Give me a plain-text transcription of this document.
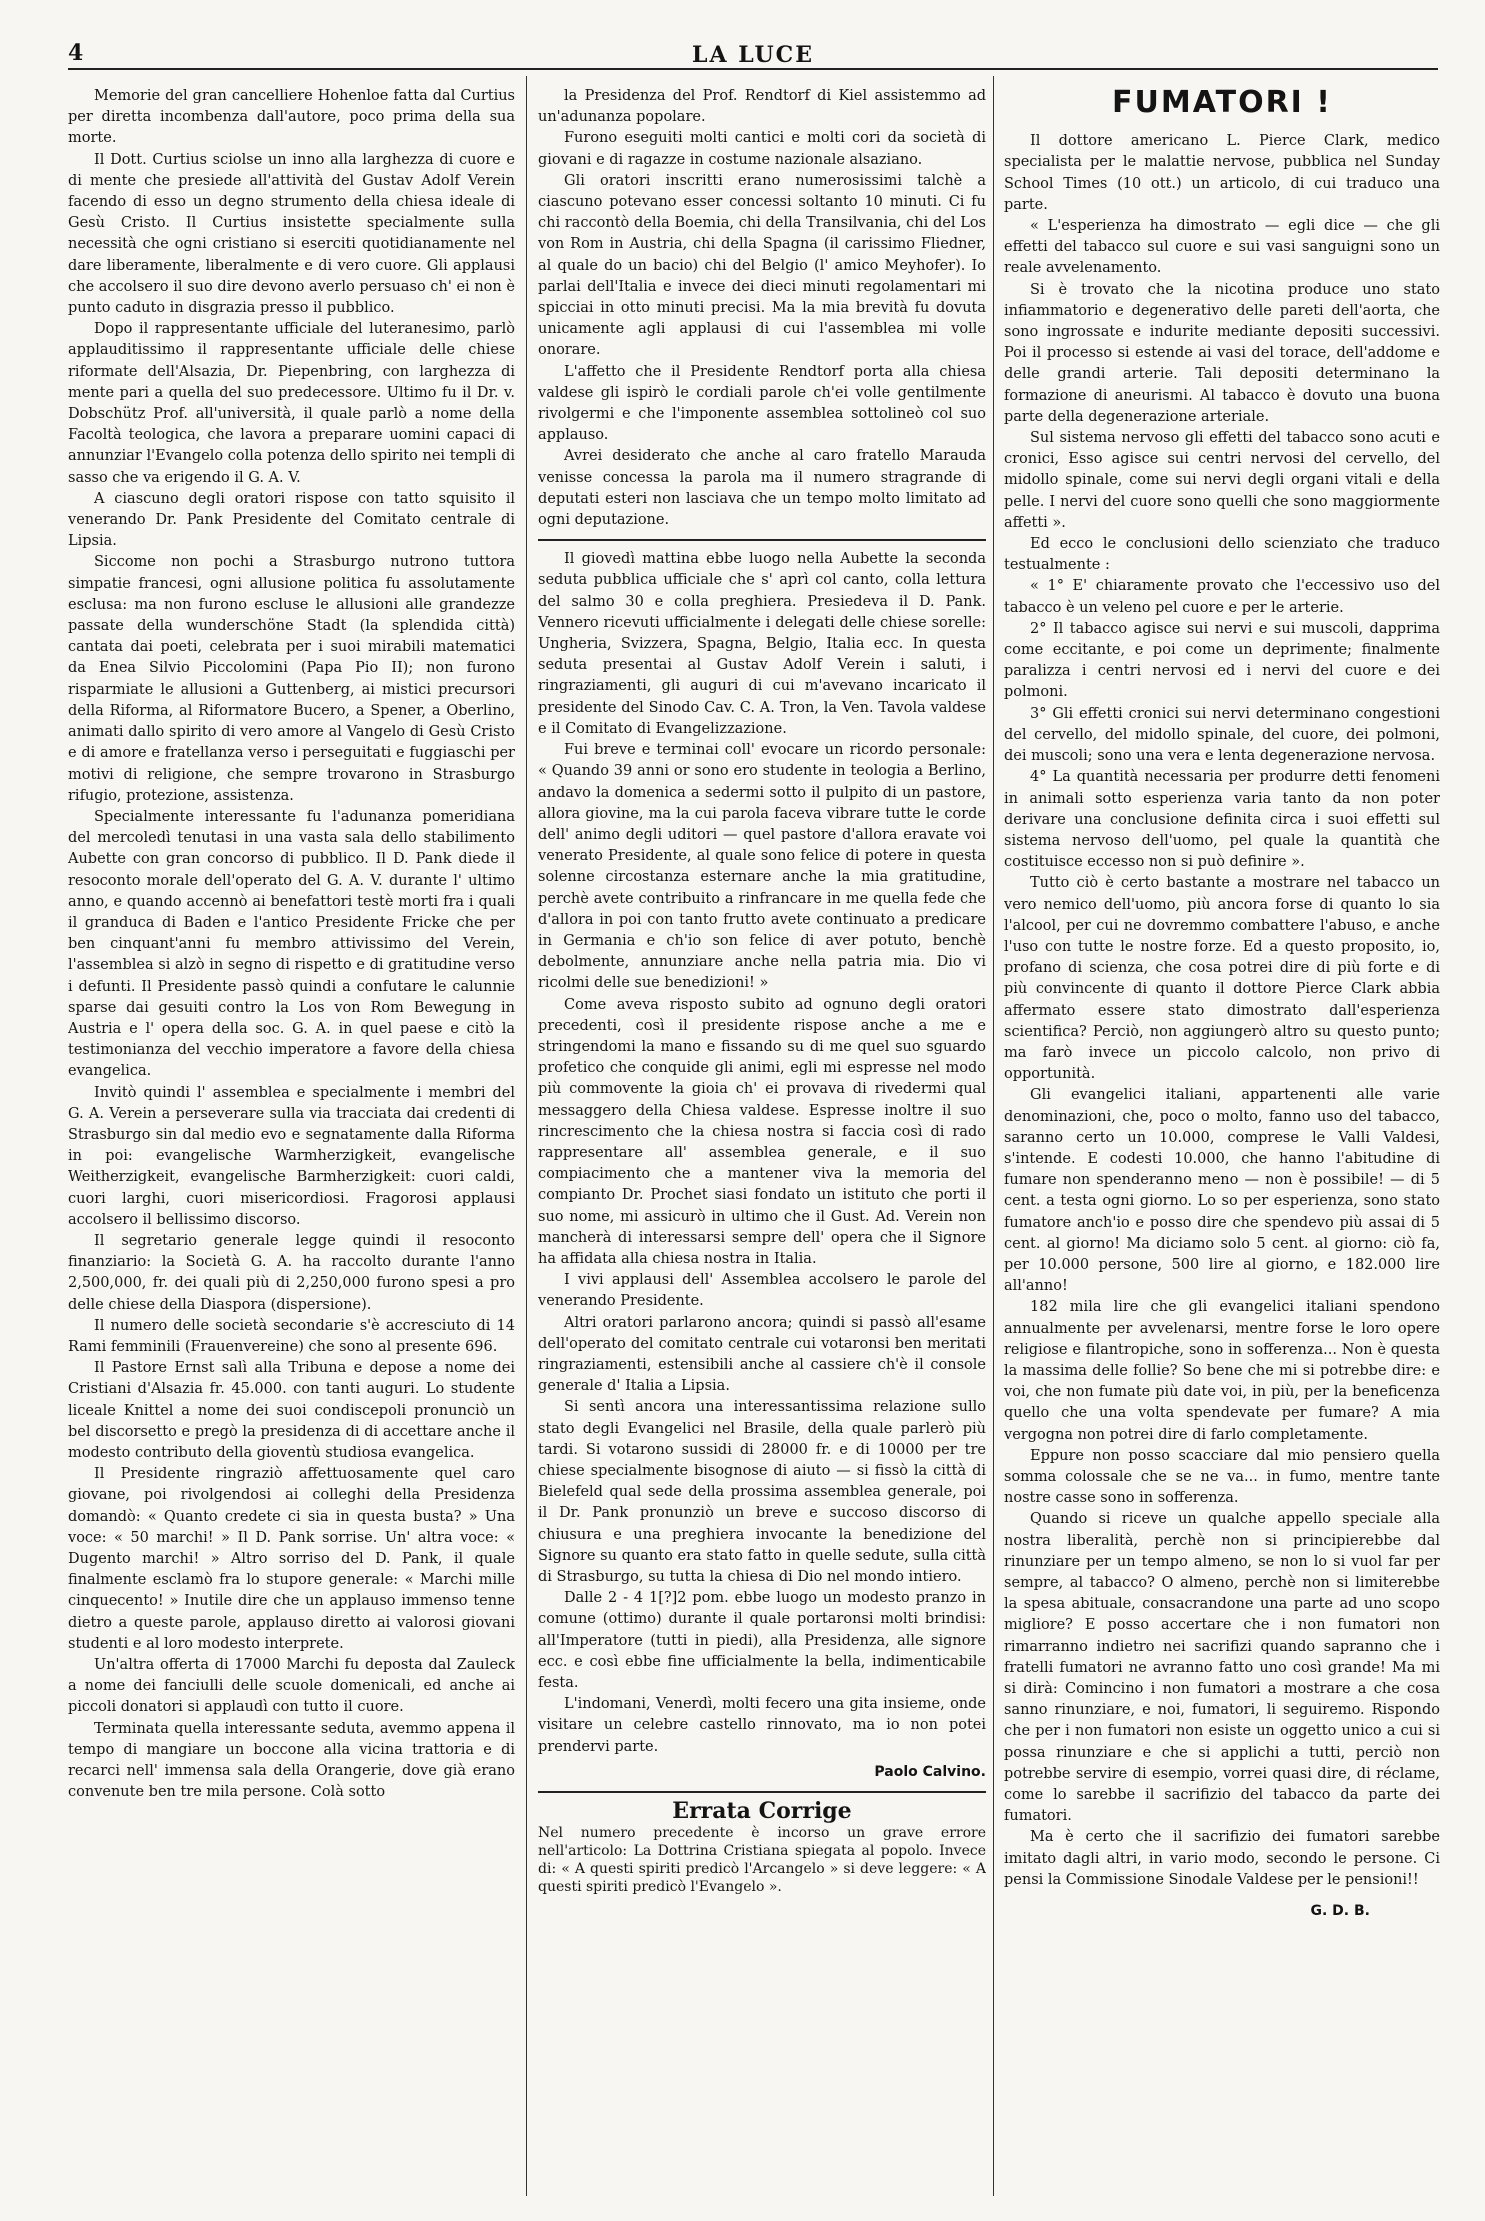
4	LA LUCE

Memorie del gran cancelliere Hohenloe fatta dal Curtius per diretta incombenza dall'autore, poco prima della sua morte.

Il Dott. Curtius sciolse un inno alla larghezza di cuore e di mente che presiede all'attività del Gustav Adolf Verein facendo di esso un degno strumento della chiesa ideale di Gesù Cristo. Il Curtius insistette specialmente sulla necessità che ogni cristiano si eserciti quotidianamente nel dare liberamente, liberalmente e di vero cuore. Gli applausi che accolsero il suo dire devono averlo persuaso ch' ei non è punto caduto in disgrazia presso il pubblico.

Dopo il rappresentante ufficiale del luteranesimo, parlò applauditissimo il rappresentante ufficiale delle chiese riformate dell'Alsazia, Dr. Piepenbring, con larghezza di mente pari a quella del suo predecessore. Ultimo fu il Dr. v. Dobschütz Prof. all'università, il quale parlò a nome della Facoltà teologica, che lavora a preparare uomini capaci di annunziar l'Evangelo colla potenza dello spirito nei templi di sasso che va erigendo il G. A. V.

A ciascuno degli oratori rispose con tatto squisito il venerando Dr. Pank Presidente del Comitato centrale di Lipsia.

Siccome non pochi a Strasburgo nutrono tuttora simpatie francesi, ogni allusione politica fu assolutamente esclusa: ma non furono escluse le allusioni alle grandezze passate della wunderschöne Stadt (la splendida città) cantata dai poeti, celebrata per i suoi mirabili matematici da Enea Silvio Piccolomini (Papa Pio II); non furono risparmiate le allusioni a Guttenberg, ai mistici precursori della Riforma, al Riformatore Bucero, a Spener, a Oberlino, animati dallo spirito di vero amore al Vangelo di Gesù Cristo e di amore e fratellanza verso i perseguitati e fuggiaschi per motivi di religione, che sempre trovarono in Strasburgo rifugio, protezione, assistenza.

Specialmente interessante fu l'adunanza pomeridiana del mercoledì tenutasi in una vasta sala dello stabilimento Aubette con gran concorso di pubblico. Il D. Pank diede il resoconto morale dell'operato del G. A. V. durante l' ultimo anno, e quando accennò ai benefattori testè morti fra i quali il granduca di Baden e l'antico Presidente Fricke che per ben cinquant'anni fu membro attivissimo del Verein, l'assemblea si alzò in segno di rispetto e di gratitudine verso i defunti. Il Presidente passò quindi a confutare le calunnie sparse dai gesuiti contro la Los von Rom Bewegung in Austria e l' opera della soc. G. A. in quel paese e citò la testimonianza del vecchio imperatore a favore della chiesa evangelica.

Invitò quindi l' assemblea e specialmente i membri del G. A. Verein a perseverare sulla via tracciata dai credenti di Strasburgo sin dal medio evo e segnatamente dalla Riforma in poi: evangelische Warmherzigkeit, evangelische Weitherzigkeit, evangelische Barmherzigkeit: cuori caldi, cuori larghi, cuori misericordiosi. Fragorosi applausi accolsero il bellissimo discorso.

Il segretario generale legge quindi il resoconto finanziario: la Società G. A. ha raccolto durante l'anno 2,500,000, fr. dei quali più di 2,250,000 furono spesi a pro delle chiese della Diaspora (dispersione).

Il numero delle società secondarie s'è accresciuto di 14 Rami femminili (Frauenvereine) che sono al presente 696.

Il Pastore Ernst salì alla Tribuna e depose a nome dei Cristiani d'Alsazia fr. 45.000. con tanti auguri. Lo studente liceale Knittel a nome dei suoi condiscepoli pronunciò un bel discorsetto e pregò la presidenza di di accettare anche il modesto contributo della gioventù studiosa evangelica.

Il Presidente ringraziò affettuosamente quel caro giovane, poi rivolgendosi ai colleghi della Presidenza domandò: « Quanto credete ci sia in questa busta? » Una voce: « 50 marchi! » Il D. Pank sorrise. Un' altra voce: « Dugento marchi! » Altro sorriso del D. Pank, il quale finalmente esclamò fra lo stupore generale: « Marchi mille cinquecento! » Inutile dire che un applauso immenso tenne dietro a queste parole, applauso diretto ai valorosi giovani studenti e al loro modesto interprete.

Un'altra offerta di 17000 Marchi fu deposta dal Zauleck a nome dei fanciulli delle scuole domenicali, ed anche ai piccoli donatori si applaudì con tutto il cuore.

Terminata quella interessante seduta, avemmo appena il tempo di mangiare un boccone alla vicina trattoria e di recarci nell' immensa sala della Orangerie, dove già erano convenute ben tre mila persone. Colà sotto

la Presidenza del Prof. Rendtorf di Kiel assistemmo ad un'adunanza popolare.

Furono eseguiti molti cantici e molti cori da società di giovani e di ragazze in costume nazionale alsaziano.

Gli oratori inscritti erano numerosissimi talchè a ciascuno potevano esser concessi soltanto 10 minuti. Ci fu chi raccontò della Boemia, chi della Transilvania, chi del Los von Rom in Austria, chi della Spagna (il carissimo Fliedner, al quale do un bacio) chi del Belgio (l' amico Meyhofer). Io parlai dell'Italia e invece dei dieci minuti regolamentari mi spicciai in otto minuti precisi. Ma la mia brevità fu dovuta unicamente agli applausi di cui l'assemblea mi volle onorare.

L'affetto che il Presidente Rendtorf porta alla chiesa valdese gli ispirò le cordiali parole ch'ei volle gentilmente rivolgermi e che l'imponente assemblea sottolineò col suo applauso.

Avrei desiderato che anche al caro fratello Marauda venisse concessa la parola ma il numero stragrande di deputati esteri non lasciava che un tempo molto limitato ad ogni deputazione.

Il giovedì mattina ebbe luogo nella Aubette la seconda seduta pubblica ufficiale che s' aprì col canto, colla lettura del salmo 30 e colla preghiera. Presiedeva il D. Pank. Vennero ricevuti ufficialmente i delegati delle chiese sorelle: Ungheria, Svizzera, Spagna, Belgio, Italia ecc. In questa seduta presentai al Gustav Adolf Verein i saluti, i ringraziamenti, gli auguri di cui m'avevano incaricato il presidente del Sinodo Cav. C. A. Tron, la Ven. Tavola valdese e il Comitato di Evangelizzazione.

Fui breve e terminai coll' evocare un ricordo personale: « Quando 39 anni or sono ero studente in teologia a Berlino, andavo la domenica a sedermi sotto il pulpito di un pastore, allora giovine, ma la cui parola faceva vibrare tutte le corde dell' animo degli uditori — quel pastore d'allora eravate voi venerato Presidente, al quale sono felice di potere in questa solenne circostanza esternare anche la mia gratitudine, perchè avete contribuito a rinfrancare in me quella fede che d'allora in poi con tanto frutto avete continuato a predicare in Germania e ch'io son felice di aver potuto, benchè debolmente, annunziare anche nella patria mia. Dio vi ricolmi delle sue benedizioni! »

Come aveva risposto subito ad ognuno degli oratori precedenti, così il presidente rispose anche a me e stringendomi la mano e fissando su di me quel suo sguardo profetico che conquide gli animi, egli mi espresse nel modo più commovente la gioia ch' ei provava di rivedermi qual messaggero della Chiesa valdese. Espresse inoltre il suo rincrescimento che la chiesa nostra si faccia così di rado rappresentare all' assemblea generale, e il suo compiacimento che a mantener viva la memoria del compianto Dr. Prochet siasi fondato un istituto che porti il suo nome, mi assicurò in ultimo che il Gust. Ad. Verein non mancherà di interessarsi sempre dell' opera che il Signore ha affidata alla chiesa nostra in Italia.

I vivi applausi dell' Assemblea accolsero le parole del venerando Presidente.

Altri oratori parlarono ancora; quindi si passò all'esame dell'operato del comitato centrale cui votaronsi ben meritati ringraziamenti, estensibili anche al cassiere ch'è il console generale d' Italia a Lipsia.

Si sentì ancora una interessantissima relazione sullo stato degli Evangelici nel Brasile, della quale parlerò più tardi. Si votarono sussidi di 28000 fr. e di 10000 per tre chiese specialmente bisognose di aiuto — si fissò la città di Bielefeld qual sede della prossima assemblea generale, poi il Dr. Pank pronunziò un breve e succoso discorso di chiusura e una preghiera invocante la benedizione del Signore su quanto era stato fatto in quelle sedute, sulla città di Strasburgo, su tutta la chiesa di Dio nel mondo intiero.

Dalle 2 - 4 1[?]2 pom. ebbe luogo un modesto pranzo in comune (ottimo) durante il quale portaronsi molti brindisi: all'Imperatore (tutti in piedi), alla Presidenza, alle signore ecc. e così ebbe fine ufficialmente la bella, indimenticabile festa.

L'indomani, Venerdì, molti fecero una gita insieme, onde visitare un celebre castello rinnovato, ma io non potei prendervi parte.

Paolo Calvino.

Errata Corrige
Nel numero precedente è incorso un grave errore nell'articolo: La Dottrina Cristiana spiegata al popolo. Invece di: « A questi spiriti predicò l'Arcangelo » si deve leggere: « A questi spiriti predicò l'Evangelo ».
FUMATORI !

Il dottore americano L. Pierce Clark, medico specialista per le malattie nervose, pubblica nel Sunday School Times (10 ott.) un articolo, di cui traduco una parte.

« L'esperienza ha dimostrato — egli dice — che gli effetti del tabacco sul cuore e sui vasi sanguigni sono un reale avvelenamento.

Si è trovato che la nicotina produce uno stato infiammatorio e degenerativo delle pareti dell'aorta, che sono ingrossate e indurite mediante depositi successivi. Poi il processo si estende ai vasi del torace, dell'addome e delle grandi arterie. Tali depositi determinano la formazione di aneurismi. Al tabacco è dovuto una buona parte della degenerazione arteriale.

Sul sistema nervoso gli effetti del tabacco sono acuti e cronici, Esso agisce sui centri nervosi del cervello, del midollo spinale, come sui nervi degli organi vitali e della pelle. I nervi del cuore sono quelli che sono maggiormente affetti ».

Ed ecco le conclusioni dello scienziato che traduco testualmente :

« 1° E' chiaramente provato che l'eccessivo uso del tabacco è un veleno pel cuore e per le arterie.

2° Il tabacco agisce sui nervi e sui muscoli, dapprima come eccitante, e poi come un deprimente; finalmente paralizza i centri nervosi ed i nervi del cuore e dei polmoni.

3° Gli effetti cronici sui nervi determinano congestioni del cervello, del midollo spinale, del cuore, dei polmoni, dei muscoli; sono una vera e lenta degenerazione nervosa.

4° La quantità necessaria per produrre detti fenomeni in animali sotto esperienza varia tanto da non poter derivare una conclusione definita circa i suoi effetti sul sistema nervoso dell'uomo, pel quale la quantità che costituisce eccesso non si può definire ».

Tutto ciò è certo bastante a mostrare nel tabacco un vero nemico dell'uomo, più ancora forse di quanto lo sia l'alcool, per cui ne dovremmo combattere l'abuso, e anche l'uso con tutte le nostre forze. Ed a questo proposito, io, profano di scienza, che cosa potrei dire di più forte e di più convincente di quanto il dottore Pierce Clark abbia affermato essere stato dimostrato dall'esperienza scientifica? Perciò, non aggiungerò altro su questo punto; ma farò invece un piccolo calcolo, non privo di opportunità.

Gli evangelici italiani, appartenenti alle varie denominazioni, che, poco o molto, fanno uso del tabacco, saranno certo un 10.000, comprese le Valli Valdesi, s'intende. E codesti 10.000, che hanno l'abitudine di fumare non spenderanno meno — non è possibile! — di 5 cent. a testa ogni giorno. Lo so per esperienza, sono stato fumatore anch'io e posso dire che spendevo più assai di 5 cent. al giorno! Ma diciamo solo 5 cent. al giorno: ciò fa, per 10.000 persone, 500 lire al giorno, e 182.000 lire all'anno!

182 mila lire che gli evangelici italiani spendono annualmente per avvelenarsi, mentre forse le loro opere religiose e filantropiche, sono in sofferenza... Non è questa la massima delle follie? So bene che mi si potrebbe dire: e voi, che non fumate più date voi, in più, per la beneficenza quello che una volta spendevate per fumare? A mia vergogna non potrei dire di farlo completamente.

Eppure non posso scacciare dal mio pensiero quella somma colossale che se ne va... in fumo, mentre tante nostre casse sono in sofferenza.

Quando si riceve un qualche appello speciale alla nostra liberalità, perchè non si principierebbe dal rinunziare per un tempo almeno, se non lo si vuol far per sempre, al tabacco? O almeno, perchè non si limiterebbe la spesa abituale, consacrandone una parte ad uno scopo migliore? E posso accertare che i non fumatori non rimarranno indietro nei sacrifizi quando sapranno che i fratelli fumatori ne avranno fatto uno così grande! Ma mi si dirà: Comincino i non fumatori a mostrare a che cosa sanno rinunziare, e noi, fumatori, li seguiremo. Rispondo che per i non fumatori non esiste un oggetto unico a cui si possa rinunziare e che si applichi a tutti, perciò non potrebbe servire di esempio, vorrei quasi dire, di réclame, come lo sarebbe il sacrifizio del tabacco da parte dei fumatori.

Ma è certo che il sacrifizio dei fumatori sarebbe imitato dagli altri, in vario modo, secondo le persone. Ci pensi la Commissione Sinodale Valdese per le pensioni!!

G. D. B.
